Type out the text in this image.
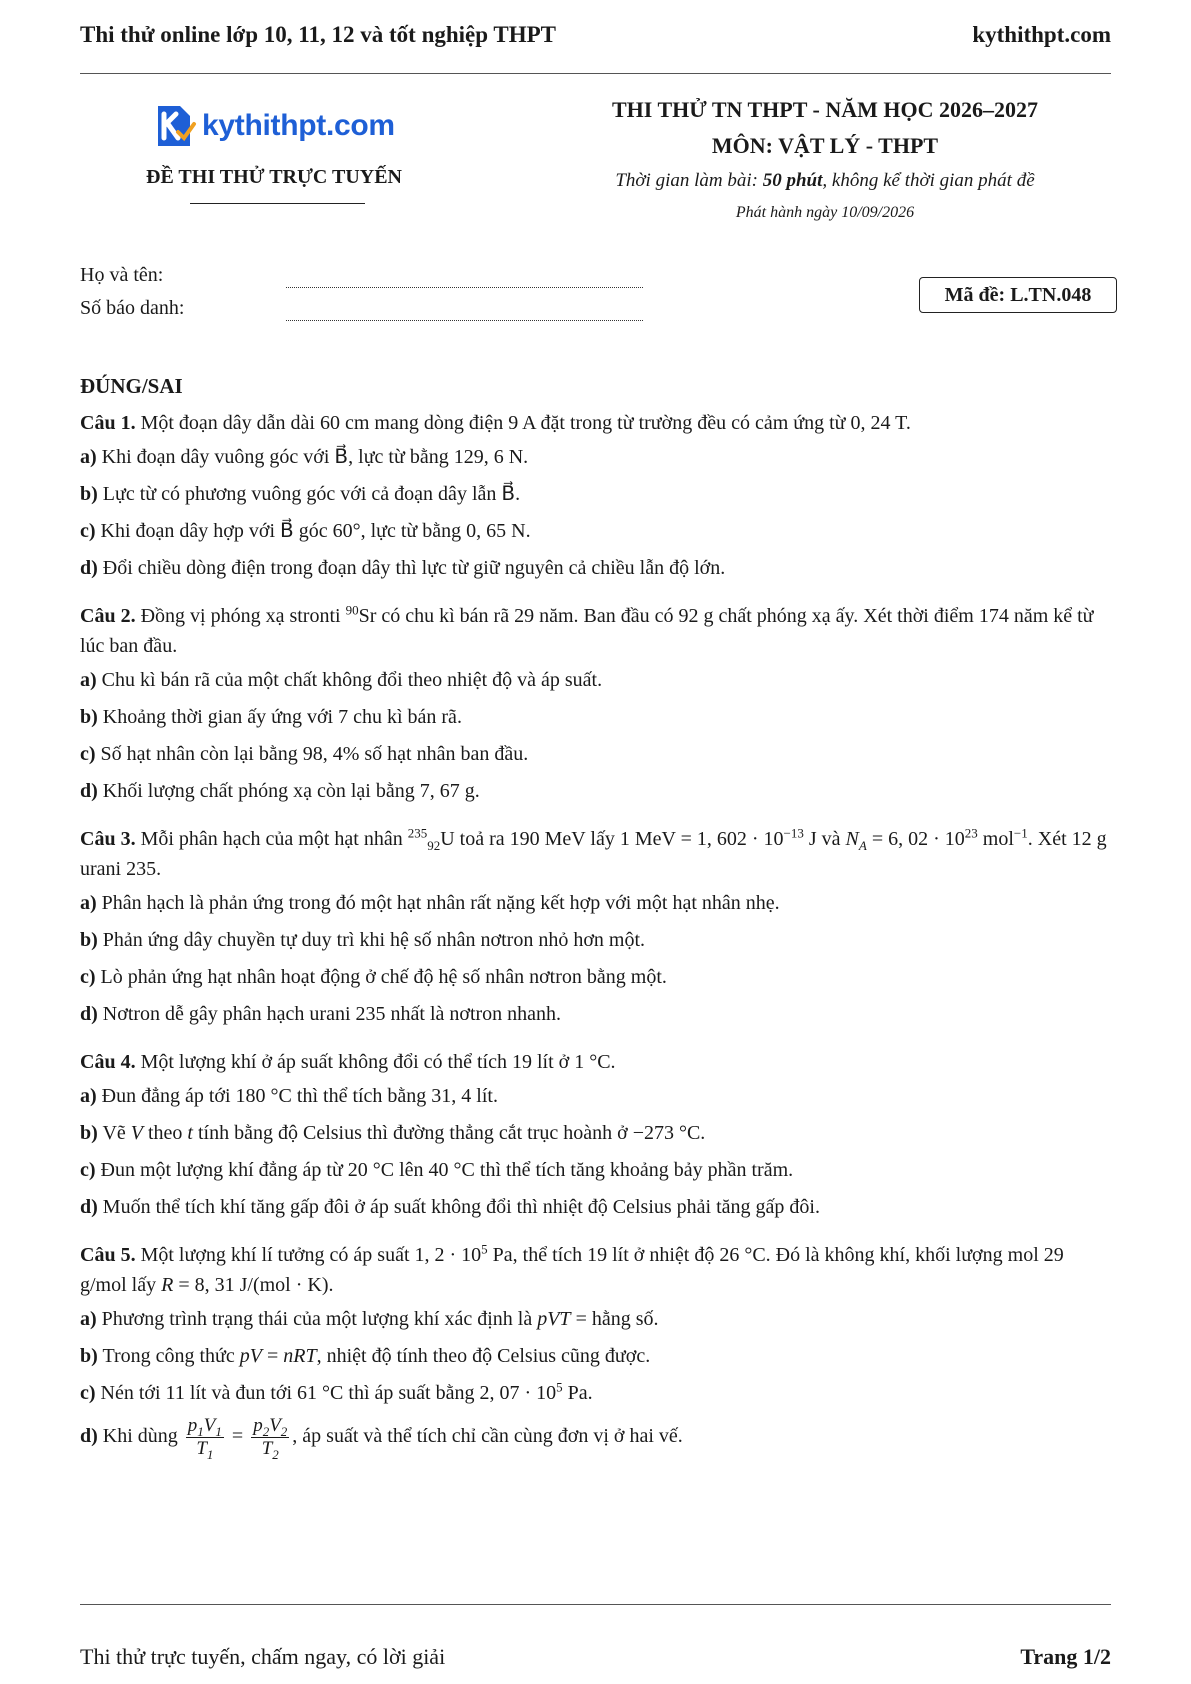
Thi thử online lớp 10, 11, 12 và tốt nghiệp THPT	kythithpt.com
kythithpt.com
ĐỀ THI THỬ TRỰC TUYẾN
THI THỬ TN THPT - NĂM HỌC 2026–2027
MÔN: VẬT LÝ - THPT
Thời gian làm bài: 50 phút, không kể thời gian phát đề
Phát hành ngày 10/09/2026
Họ và tên:
Số báo danh:
Mã đề: L.TN.048
ĐÚNG/SAI
Câu 1. Một đoạn dây dẫn dài 60 cm mang dòng điện 9 A đặt trong từ trường đều có cảm ứng từ 0, 24 T.
a) Khi đoạn dây vuông góc với B⃗, lực từ bằng 129, 6 N.
b) Lực từ có phương vuông góc với cả đoạn dây lẫn B⃗.
c) Khi đoạn dây hợp với B⃗ góc 60°, lực từ bằng 0, 65 N.
d) Đổi chiều dòng điện trong đoạn dây thì lực từ giữ nguyên cả chiều lẫn độ lớn.
Câu 2. Đồng vị phóng xạ stronti $^{90}$Sr có chu kì bán rã 29 năm. Ban đầu có 92 g chất phóng xạ ấy. Xét thời điểm 174 năm kể từ lúc ban đầu.
a) Chu kì bán rã của một chất không đổi theo nhiệt độ và áp suất.
b) Khoảng thời gian ấy ứng với 7 chu kì bán rã.
c) Số hạt nhân còn lại bằng 98, 4% số hạt nhân ban đầu.
d) Khối lượng chất phóng xạ còn lại bằng 7, 67 g.
Câu 3. Mỗi phân hạch của một hạt nhân $^{235}_{92}$U toả ra 190 MeV lấy 1 MeV = 1, $602 \cdot 10^{-13}$ J và $N_A = 6$, $02 \cdot 10^{23}$ mol$^{-1}$. Xét 12 g urani 235.
a) Phân hạch là phản ứng trong đó một hạt nhân rất nặng kết hợp với một hạt nhân nhẹ.
b) Phản ứng dây chuyền tự duy trì khi hệ số nhân nơtron nhỏ hơn một.
c) Lò phản ứng hạt nhân hoạt động ở chế độ hệ số nhân nơtron bằng một.
d) Nơtron dễ gây phân hạch urani 235 nhất là nơtron nhanh.
Câu 4. Một lượng khí ở áp suất không đổi có thể tích 19 lít ở 1 °C.
a) Đun đẳng áp tới 180 °C thì thể tích bằng 31, 4 lít.
b) Vẽ V theo t tính bằng độ Celsius thì đường thẳng cắt trục hoành ở −273 °C.
c) Đun một lượng khí đẳng áp từ 20 °C lên 40 °C thì thể tích tăng khoảng bảy phần trăm.
d) Muốn thể tích khí tăng gấp đôi ở áp suất không đổi thì nhiệt độ Celsius phải tăng gấp đôi.
Câu 5. Một lượng khí lí tưởng có áp suất 1, $2 \cdot 10^5$ Pa, thể tích 19 lít ở nhiệt độ 26 °C. Đó là không khí, khối lượng mol 29 g/mol lấy R = 8, 31 J/(mol · K).
a) Phương trình trạng thái của một lượng khí xác định là pVT = hằng số.
b) Trong công thức pV = nRT, nhiệt độ tính theo độ Celsius cũng được.
c) Nén tới 11 lít và đun tới 61 °C thì áp suất bằng 2, $07 \cdot 10^5$ Pa.
d) Khi dùng $\frac{p_1V_1}{T_1} = \frac{p_2V_2}{T_2}$ , áp suất và thể tích chỉ cần cùng đơn vị ở hai vế.
Thi thử trực tuyến, chấm ngay, có lời giải	Trang 1/2
